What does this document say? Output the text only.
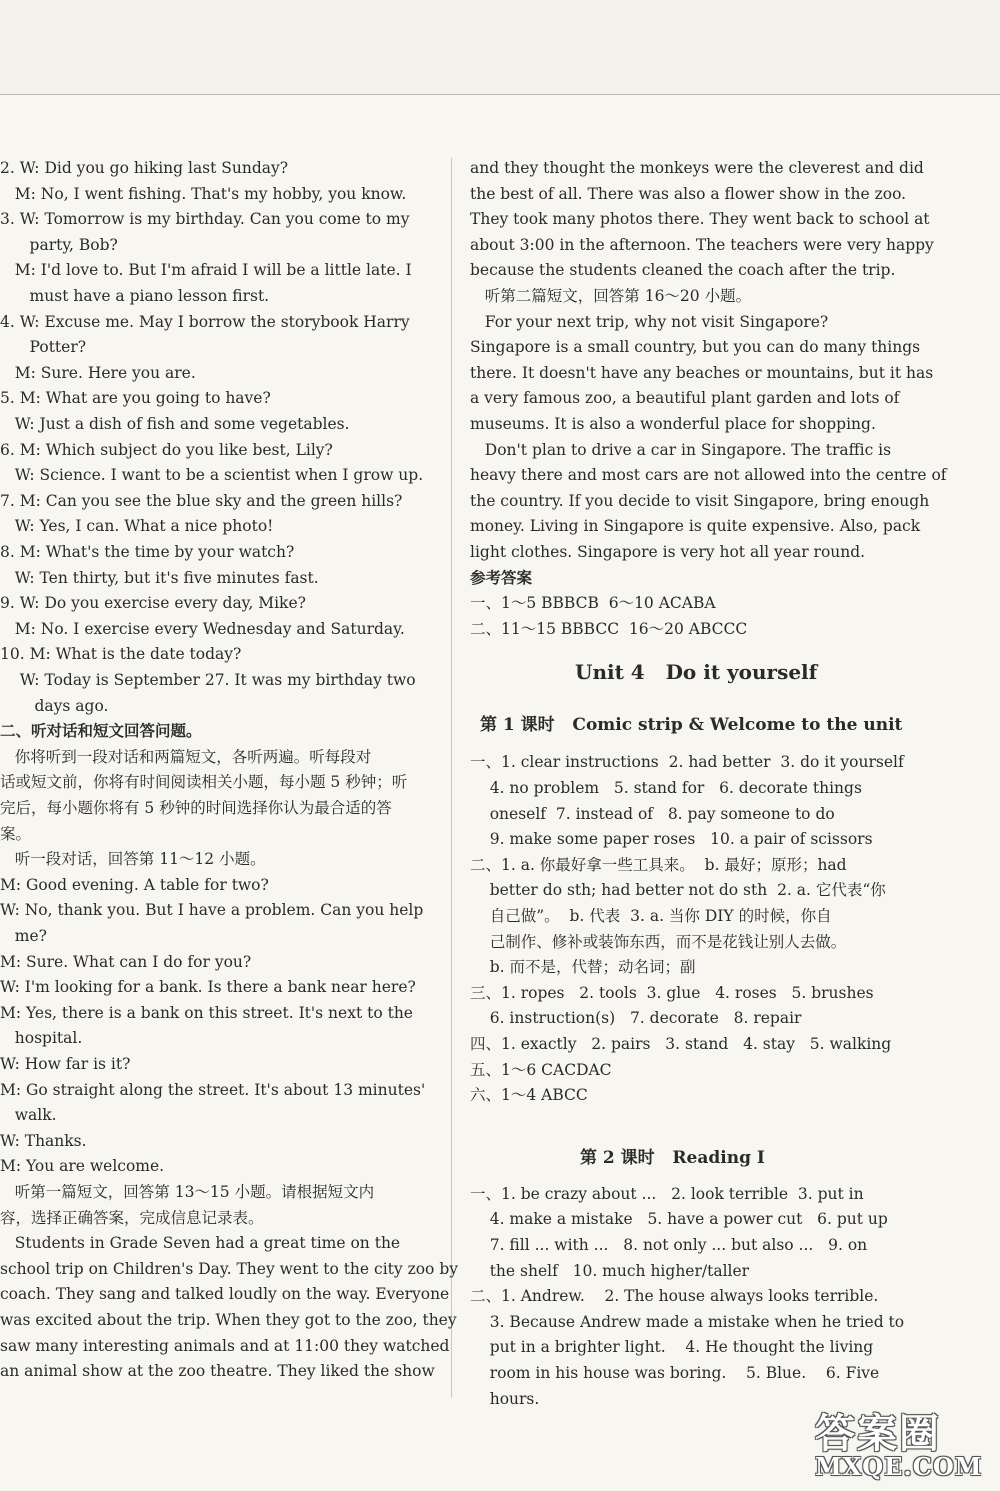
2. W: Did you go hiking last Sunday?
M: No, I went fishing. That's my hobby, you know.
3. W: Tomorrow is my birthday. Can you come to my
party, Bob?
M: I'd love to. But I'm afraid I will be a little late. I
must have a piano lesson first.
4. W: Excuse me. May I borrow the storybook Harry
Potter?
M: Sure. Here you are.
5. M: What are you going to have?
W: Just a dish of fish and some vegetables.
6. M: Which subject do you like best, Lily?
W: Science. I want to be a scientist when I grow up.
7. M: Can you see the blue sky and the green hills?
W: Yes, I can. What a nice photo!
8. M: What's the time by your watch?
W: Ten thirty, but it's five minutes fast.
9. W: Do you exercise every day, Mike?
M: No. I exercise every Wednesday and Saturday.
10. M: What is the date today?
W: Today is September 27. It was my birthday two
days ago.
二、听对话和短文回答问题。
你将听到一段对话和两篇短文，各听两遍。听每段对
话或短文前，你将有时间阅读相关小题，每小题 5 秒钟；听
完后，每小题你将有 5 秒钟的时间选择你认为最合适的答
案。
听一段对话，回答第 11～12 小题。
M: Good evening. A table for two?
W: No, thank you. But I have a problem. Can you help
me?
M: Sure. What can I do for you?
W: I'm looking for a bank. Is there a bank near here?
M: Yes, there is a bank on this street. It's next to the
hospital.
W: How far is it?
M: Go straight along the street. It's about 13 minutes'
walk.
W: Thanks.
M: You are welcome.
听第一篇短文，回答第 13～15 小题。请根据短文内
容，选择正确答案，完成信息记录表。
Students in Grade Seven had a great time on the
school trip on Children's Day. They went to the city zoo by
coach. They sang and talked loudly on the way. Everyone
was excited about the trip. When they got to the zoo, they
saw many interesting animals and at 11:00 they watched
an animal show at the zoo theatre. They liked the show
and they thought the monkeys were the cleverest and did
the best of all. There was also a flower show in the zoo.
They took many photos there. They went back to school at
about 3:00 in the afternoon. The teachers were very happy
because the students cleaned the coach after the trip.
听第二篇短文，回答第 16～20 小题。
For your next trip, why not visit Singapore?
Singapore is a small country, but you can do many things
there. It doesn't have any beaches or mountains, but it has
a very famous zoo, a beautiful plant garden and lots of
museums. It is also a wonderful place for shopping.
Don't plan to drive a car in Singapore. The traffic is
heavy there and most cars are not allowed into the centre of
the country. If you decide to visit Singapore, bring enough
money. Living in Singapore is quite expensive. Also, pack
light clothes. Singapore is very hot all year round.
参考答案
一、1～5 BBBCB  6～10 ACABA
二、11～15 BBBCC  16～20 ABCCC
Unit 4   Do it yourself
第 1 课时   Comic strip & Welcome to the unit
一、1. clear instructions  2. had better  3. do it yourself
4. no problem   5. stand for   6. decorate things
oneself  7. instead of   8. pay someone to do
9. make some paper roses   10. a pair of scissors
二、1. a. 你最好拿一些工具来。  b. 最好；原形；had
better do sth; had better not do sth  2. a. 它代表“你
自己做”。  b. 代表  3. a. 当你 DIY 的时候，你自
己制作、修补或装饰东西，而不是花钱让别人去做。
b. 而不是，代替；动名词；副
三、1. ropes   2. tools  3. glue   4. roses   5. brushes
6. instruction(s)   7. decorate   8. repair
四、1. exactly   2. pairs   3. stand   4. stay   5. walking
五、1～6 CACDAC
六、1～4 ABCC
第 2 课时   Reading Ⅰ
一、1. be crazy about ...   2. look terrible  3. put in
4. make a mistake   5. have a power cut   6. put up
7. fill ... with ...   8. not only ... but also ...   9. on
the shelf   10. much higher/taller
二、1. Andrew.    2. The house always looks terrible.
3. Because Andrew made a mistake when he tried to
put in a brighter light.    4. He thought the living
room in his house was boring.    5. Blue.    6. Five
hours.
答案圈
MXQE.COM
